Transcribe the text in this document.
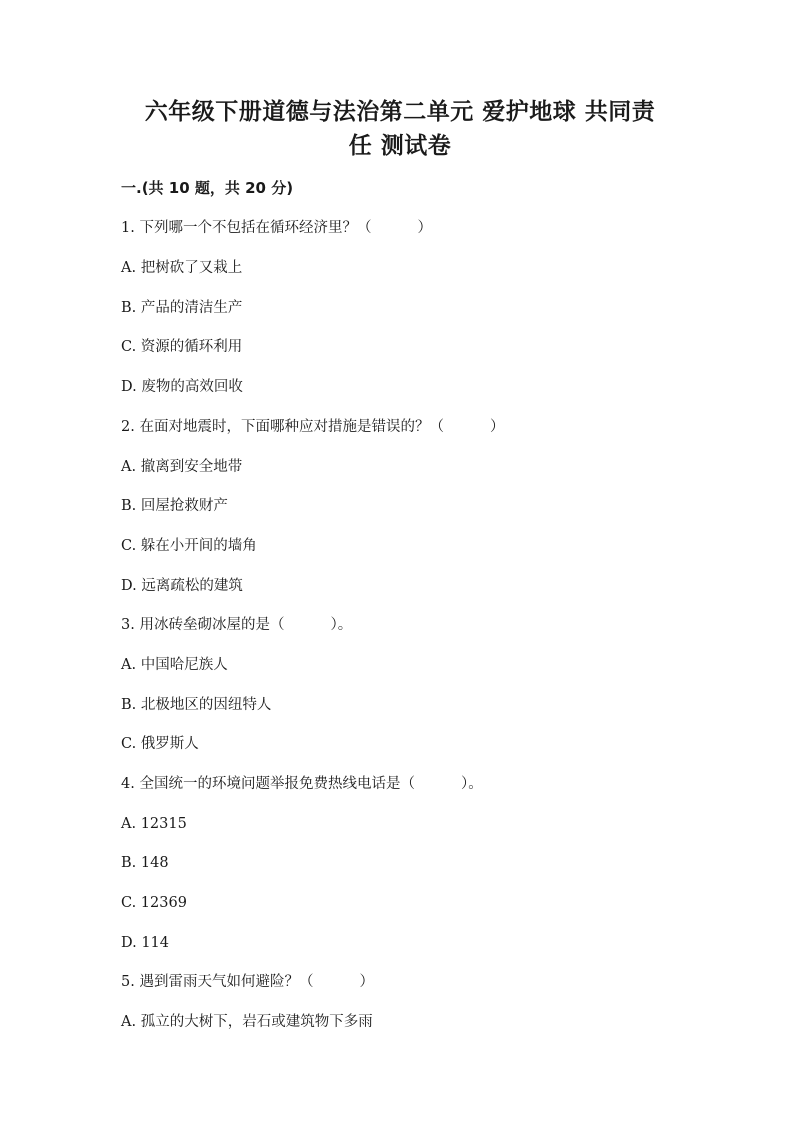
六年级下册道德与法治第二单元 爱护地球 共同责
任 测试卷
一.(共 10 题，共 20 分)
1. 下列哪一个不包括在循环经济里？（          ）
A. 把树砍了又栽上
B. 产品的清洁生产
C. 资源的循环利用
D. 废物的高效回收
2. 在面对地震时，下面哪种应对措施是错误的？（          ）
A. 撤离到安全地带
B. 回屋抢救财产
C. 躲在小开间的墙角
D. 远离疏松的建筑
3. 用冰砖垒砌冰屋的是（          ）。
A. 中国哈尼族人
B. 北极地区的因纽特人
C. 俄罗斯人
4. 全国统一的环境问题举报免费热线电话是（          ）。
A. 12315
B. 148
C. 12369
D. 114
5. 遇到雷雨天气如何避险？（          ）
A. 孤立的大树下，岩石或建筑物下多雨
